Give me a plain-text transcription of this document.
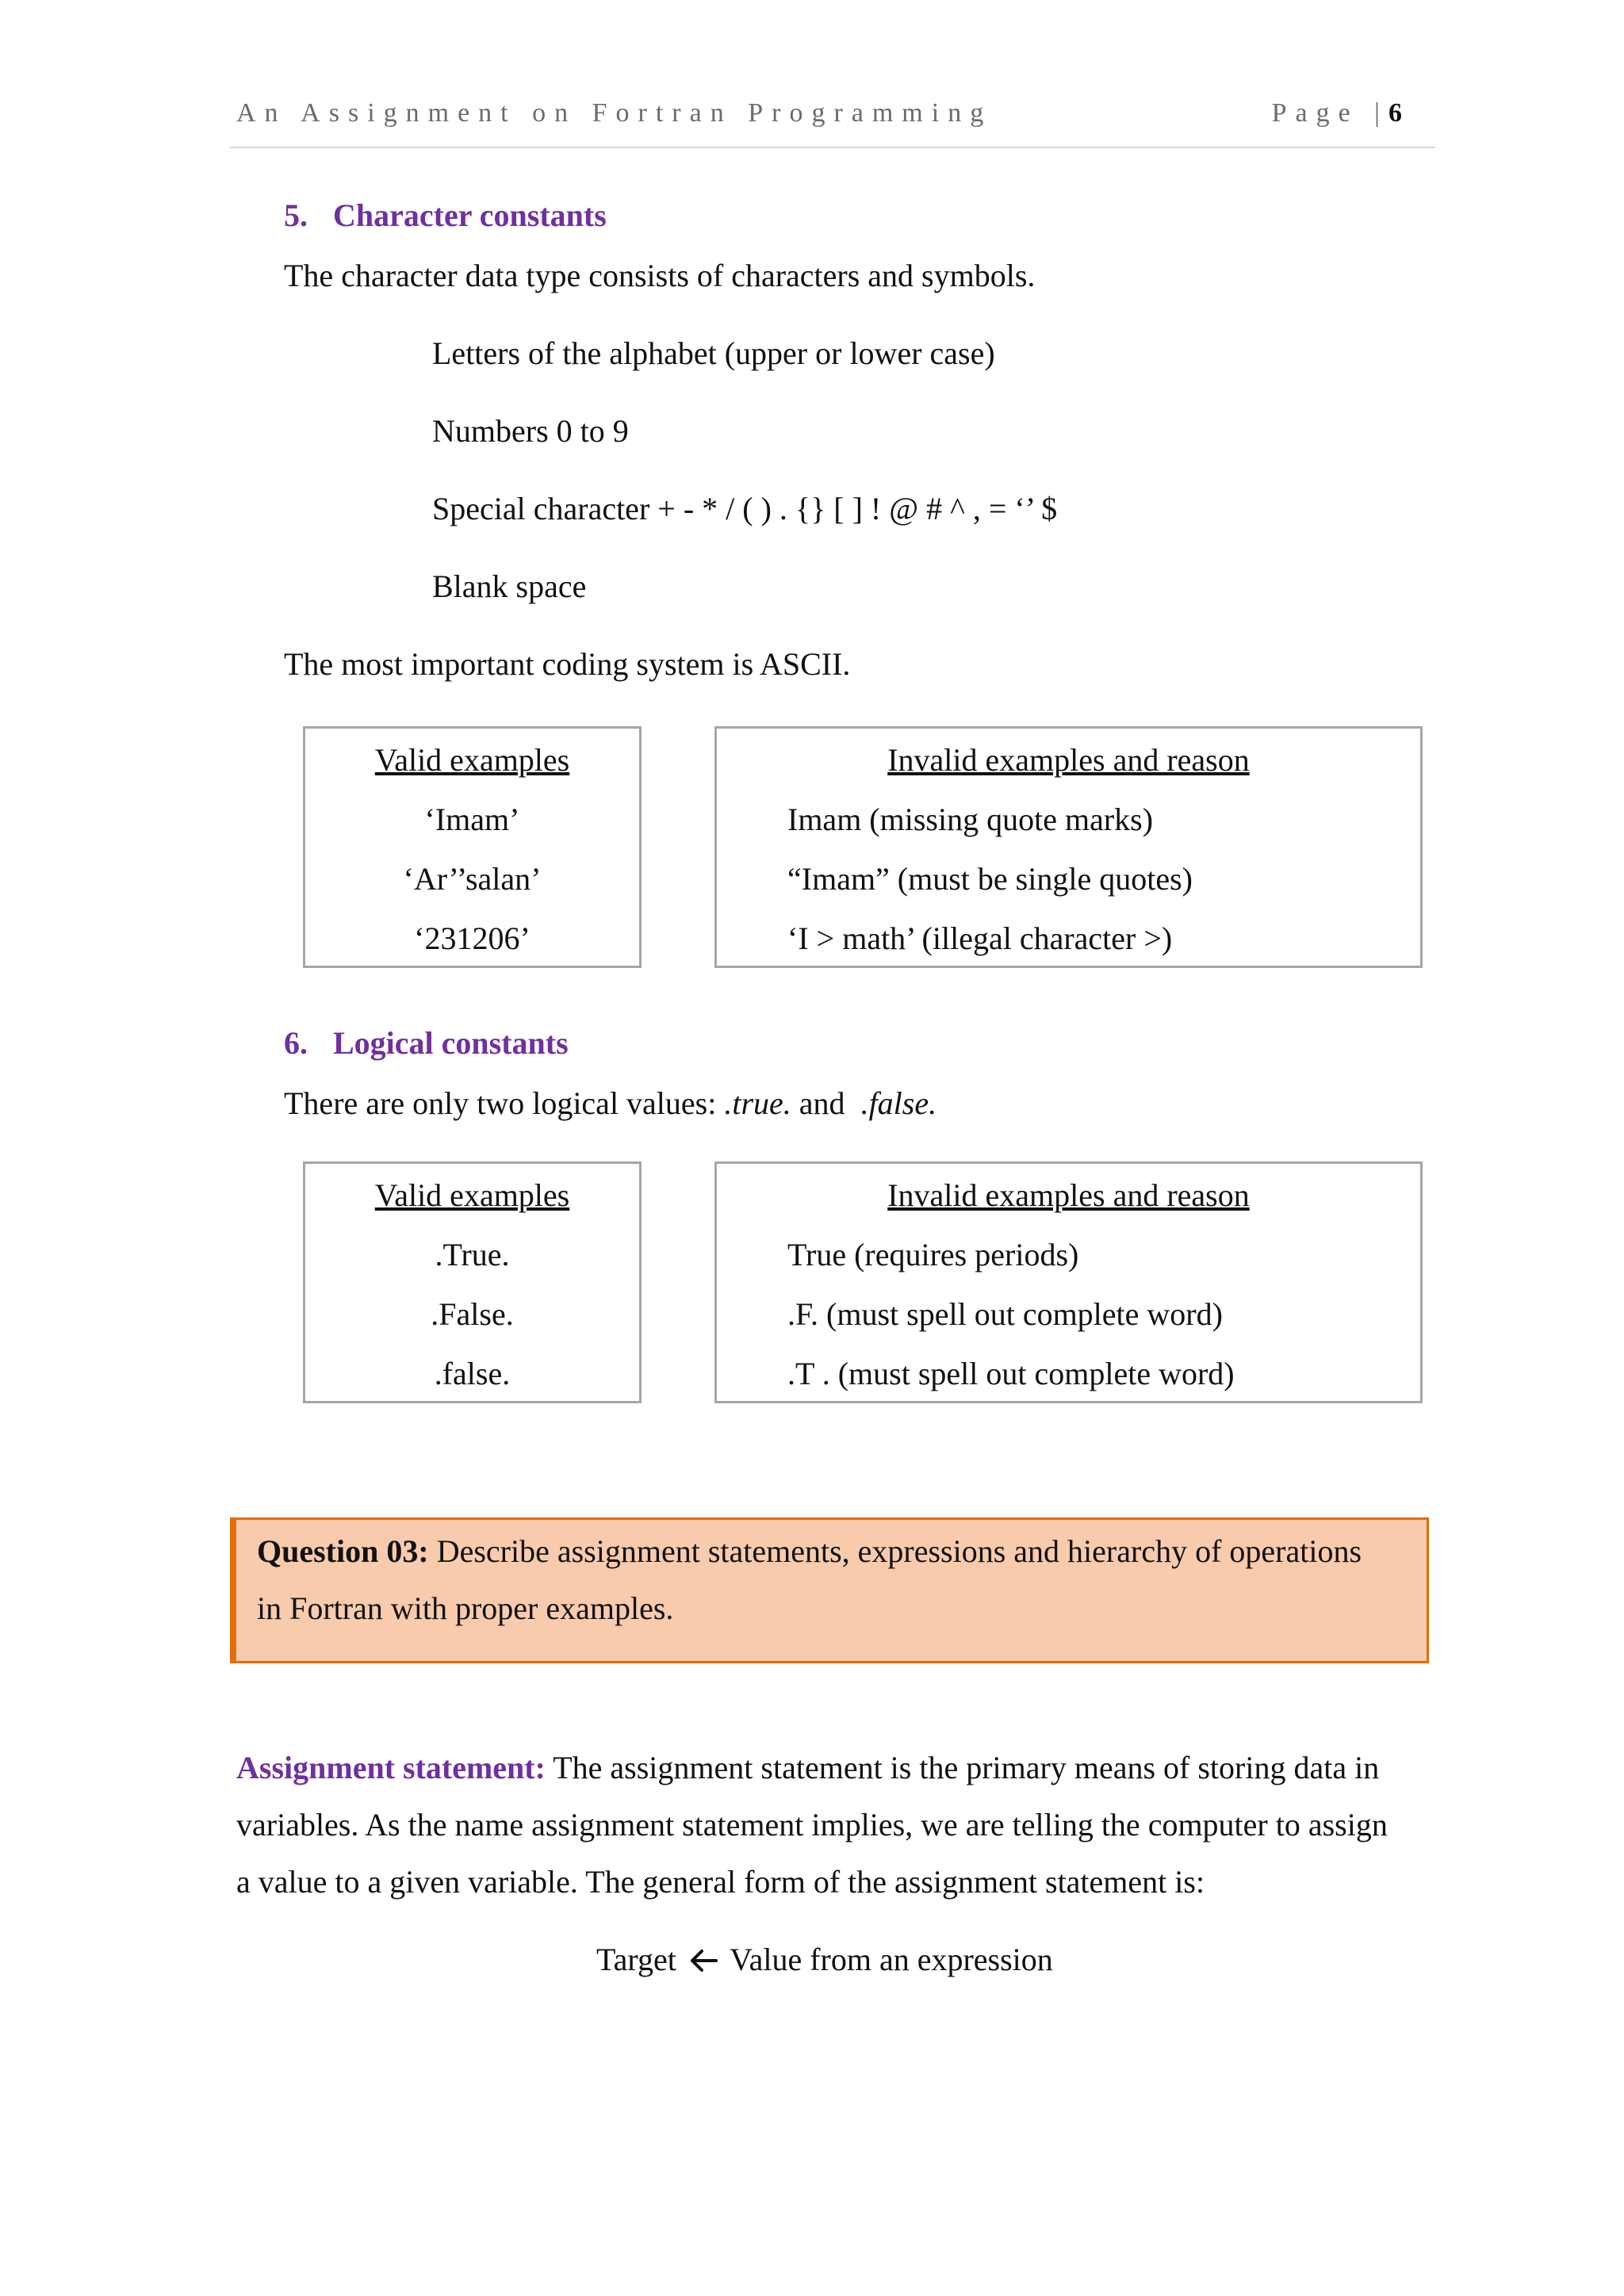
An Assignment on Fortran Programming	Page |6
5. Character constants
The character data type consists of characters and symbols.
Letters of the alphabet (upper or lower case)
Numbers 0 to 9
Special character + - * / ( ) . {} [ ] ! @ # ^ , = ‘’ $
Blank space
The most important coding system is ASCII.
Valid examples
‘Imam’
‘Ar’’salan’
‘231206’
Invalid examples and reason
Imam (missing quote marks)
“Imam” (must be single quotes)
‘I > math’ (illegal character >)
6. Logical constants
There are only two logical values: .true. and  .false.
Valid examples
.True.
.False.
.false.
Invalid examples and reason
True (requires periods)
.F. (must spell out complete word)
.T . (must spell out complete word)
Question 03: Describe assignment statements, expressions and hierarchy of operations
in Fortran with proper examples.
Assignment statement: The assignment statement is the primary means of storing data in
variables. As the name assignment statement implies, we are telling the computer to assign
a value to a given variable. The general form of the assignment statement is:
Target Value from an expression
